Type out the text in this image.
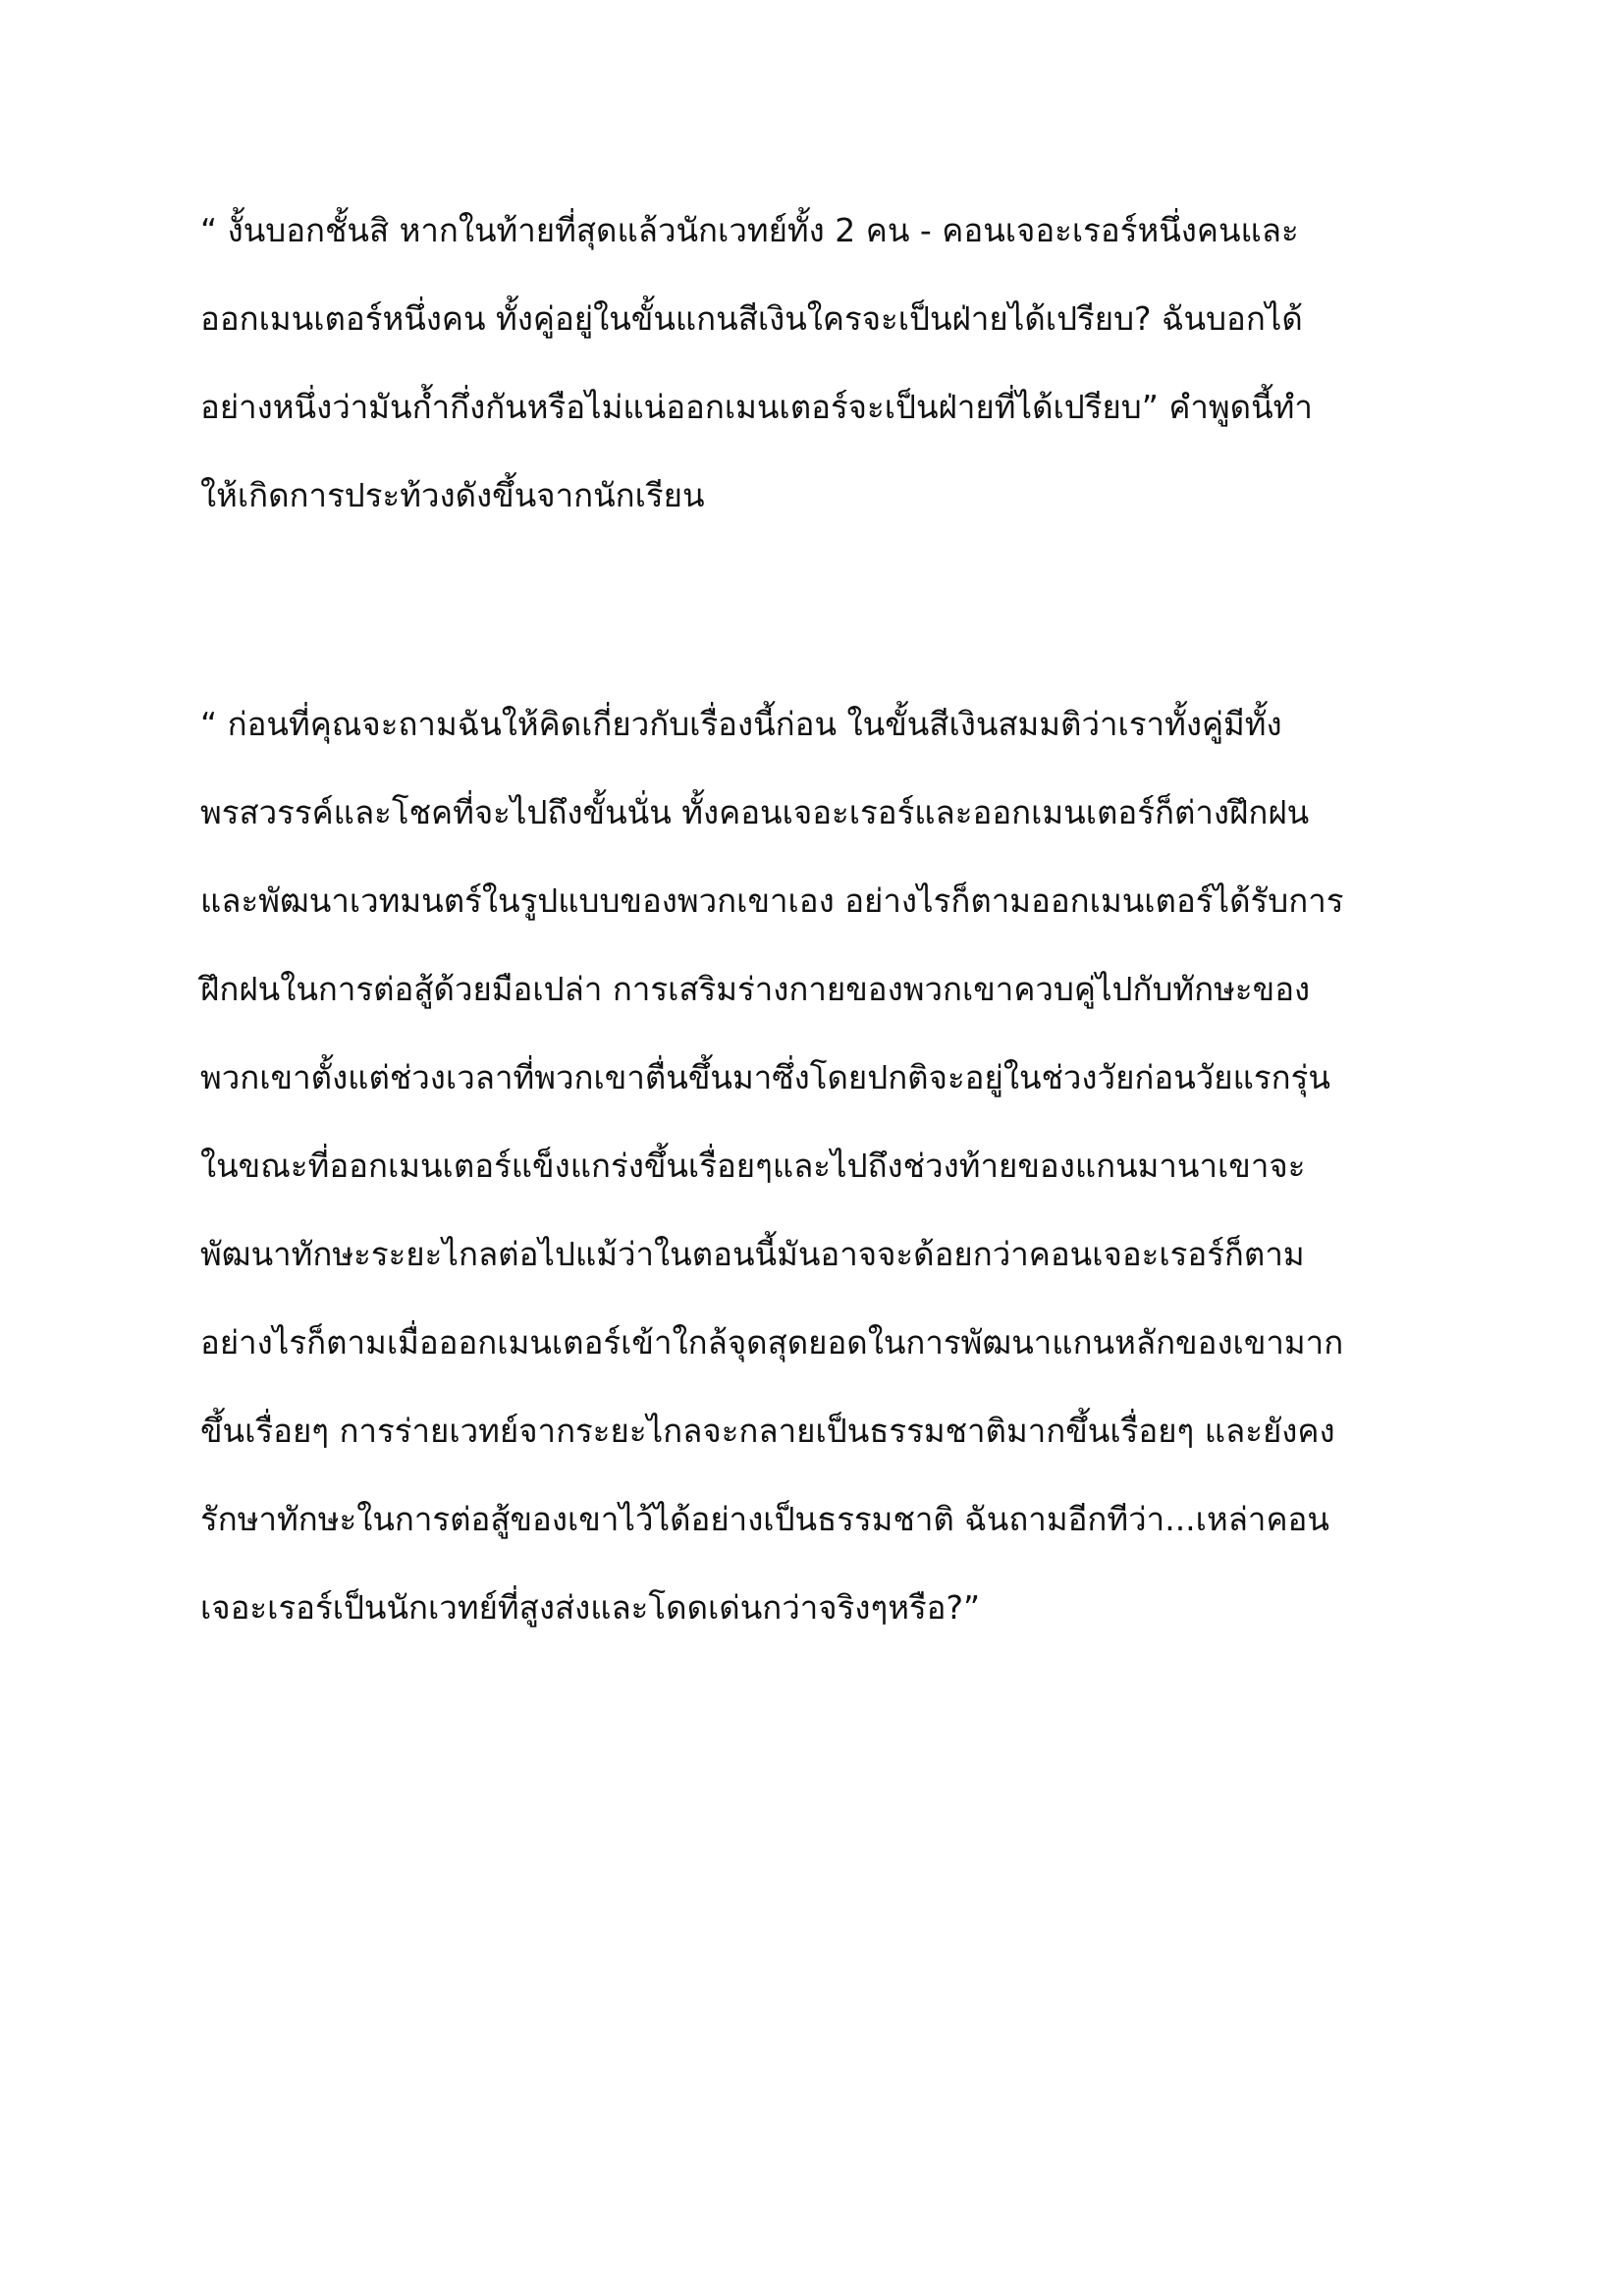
“ งั้นบอกชั้นสิ หากในท้ายที่สุดแล้วนักเวทย์ทั้ง 2 คน - คอนเจอะเรอร์หนึ่งคนและ
ออกเมนเตอร์หนึ่งคน ทั้งคู่อยู่ในขั้นแกนสีเงินใครจะเป็นฝ่ายได้เปรียบ? ฉันบอกได้
อย่างหนึ่งว่ามันก้ำกึ่งกันหรือไม่แน่ออกเมนเตอร์จะเป็นฝ่ายที่ได้เปรียบ” คำพูดนี้ทำ
ให้เกิดการประท้วงดังขึ้นจากนักเรียน

“ ก่อนที่คุณจะถามฉันให้คิดเกี่ยวกับเรื่องนี้ก่อน ในขั้นสีเงินสมมติว่าเราทั้งคู่มีทั้ง
พรสวรรค์และโชคที่จะไปถึงขั้นนั่น ทั้งคอนเจอะเรอร์และออกเมนเตอร์ก็ต่างฝึกฝน
และพัฒนาเวทมนตร์ในรูปแบบของพวกเขาเอง อย่างไรก็ตามออกเมนเตอร์ได้รับการ
ฝึกฝนในการต่อสู้ด้วยมือเปล่า การเสริมร่างกายของพวกเขาควบคู่ไปกับทักษะของ
พวกเขาตั้งแต่ช่วงเวลาที่พวกเขาตื่นขึ้นมาซึ่งโดยปกติจะอยู่ในช่วงวัยก่อนวัยแรกรุ่น
ในขณะที่ออกเมนเตอร์แข็งแกร่งขึ้นเรื่อยๆและไปถึงช่วงท้ายของแกนมานาเขาจะ
พัฒนาทักษะระยะไกลต่อไปแม้ว่าในตอนนี้มันอาจจะด้อยกว่าคอนเจอะเรอร์ก็ตาม
อย่างไรก็ตามเมื่อออกเมนเตอร์เข้าใกล้จุดสุดยอดในการพัฒนาแกนหลักของเขามาก
ขึ้นเรื่อยๆ การร่ายเวทย์จากระยะไกลจะกลายเป็นธรรมชาติมากขึ้นเรื่อยๆ และยังคง
รักษาทักษะในการต่อสู้ของเขาไว้ได้อย่างเป็นธรรมชาติ ฉันถามอีกทีว่า...เหล่าคอน
เจอะเรอร์เป็นนักเวทย์ที่สูงส่งและโดดเด่นกว่าจริงๆหรือ?”
